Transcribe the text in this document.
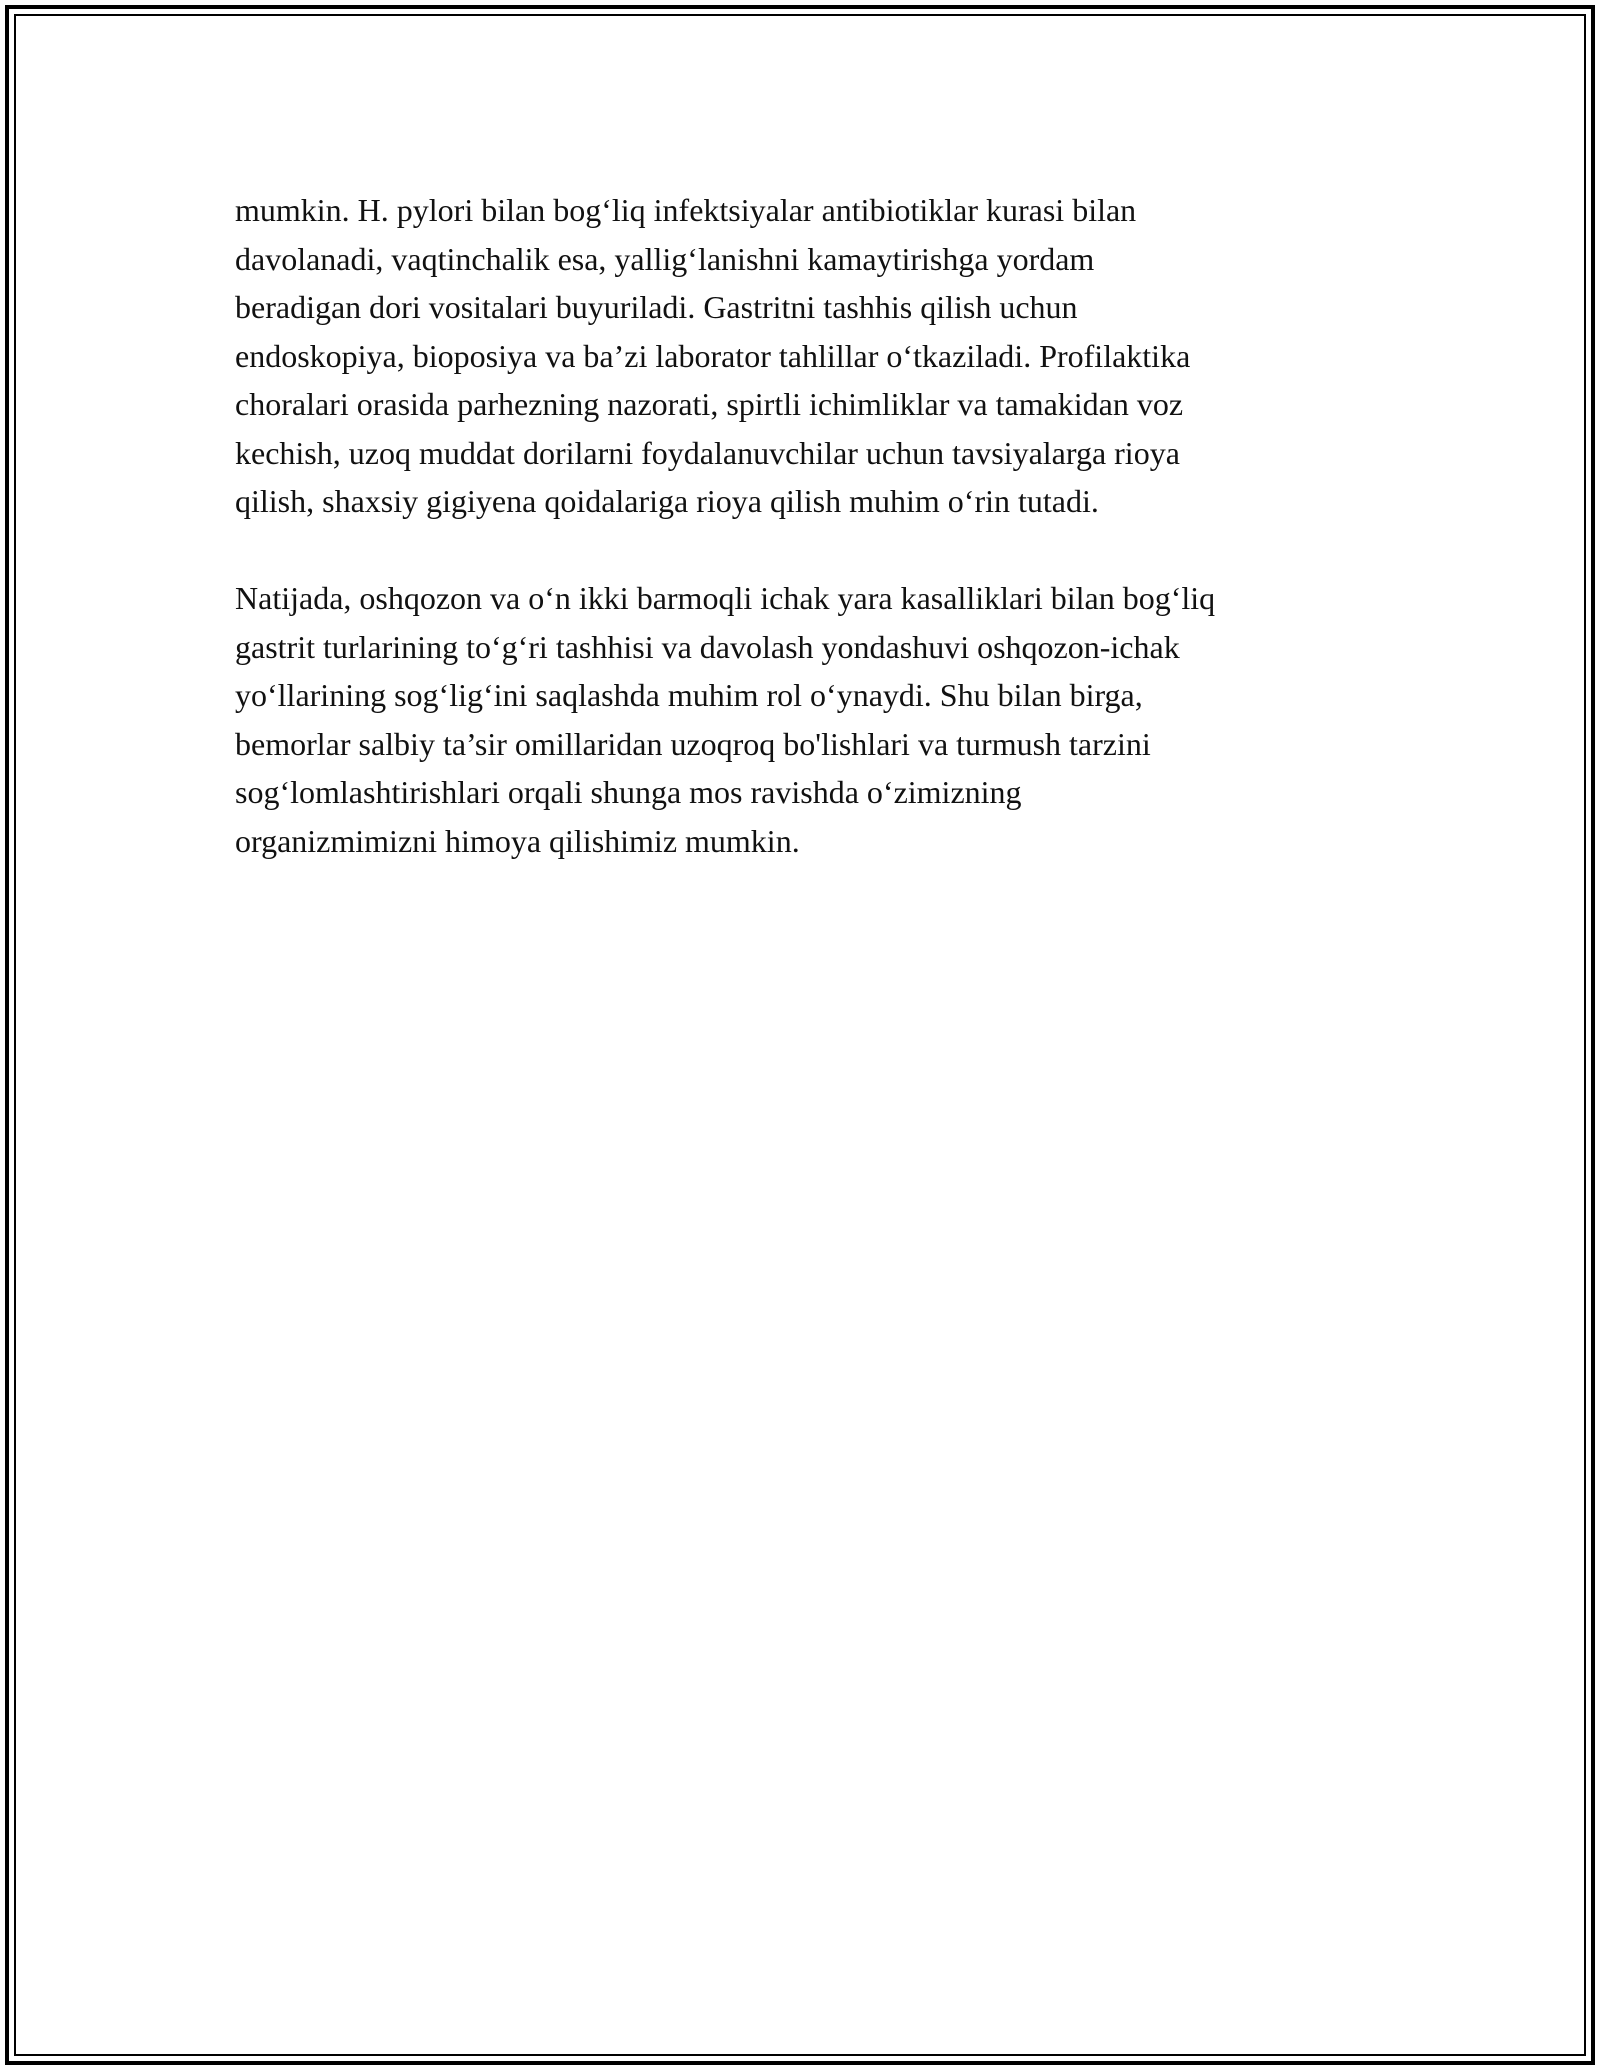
mumkin. H. pylori bilan bog‘liq infektsiyalar antibiotiklar kurasi bilan
davolanadi, vaqtinchalik esa, yallig‘lanishni kamaytirishga yordam
beradigan dori vositalari buyuriladi. Gastritni tashhis qilish uchun
endoskopiya, bioposiya va ba’zi laborator tahlillar o‘tkaziladi. Profilaktika
choralari orasida parhezning nazorati, spirtli ichimliklar va tamakidan voz
kechish, uzoq muddat dorilarni foydalanuvchilar uchun tavsiyalarga rioya
qilish, shaxsiy gigiyena qoidalariga rioya qilish muhim o‘rin tutadi.

Natijada, oshqozon va o‘n ikki barmoqli ichak yara kasalliklari bilan bog‘liq
gastrit turlarining to‘g‘ri tashhisi va davolash yondashuvi oshqozon-ichak
yo‘llarining sog‘lig‘ini saqlashda muhim rol o‘ynaydi. Shu bilan birga,
bemorlar salbiy ta’sir omillaridan uzoqroq bo'lishlari va turmush tarzini
sog‘lomlashtirishlari orqali shunga mos ravishda o‘zimizning
organizmimizni himoya qilishimiz mumkin.
